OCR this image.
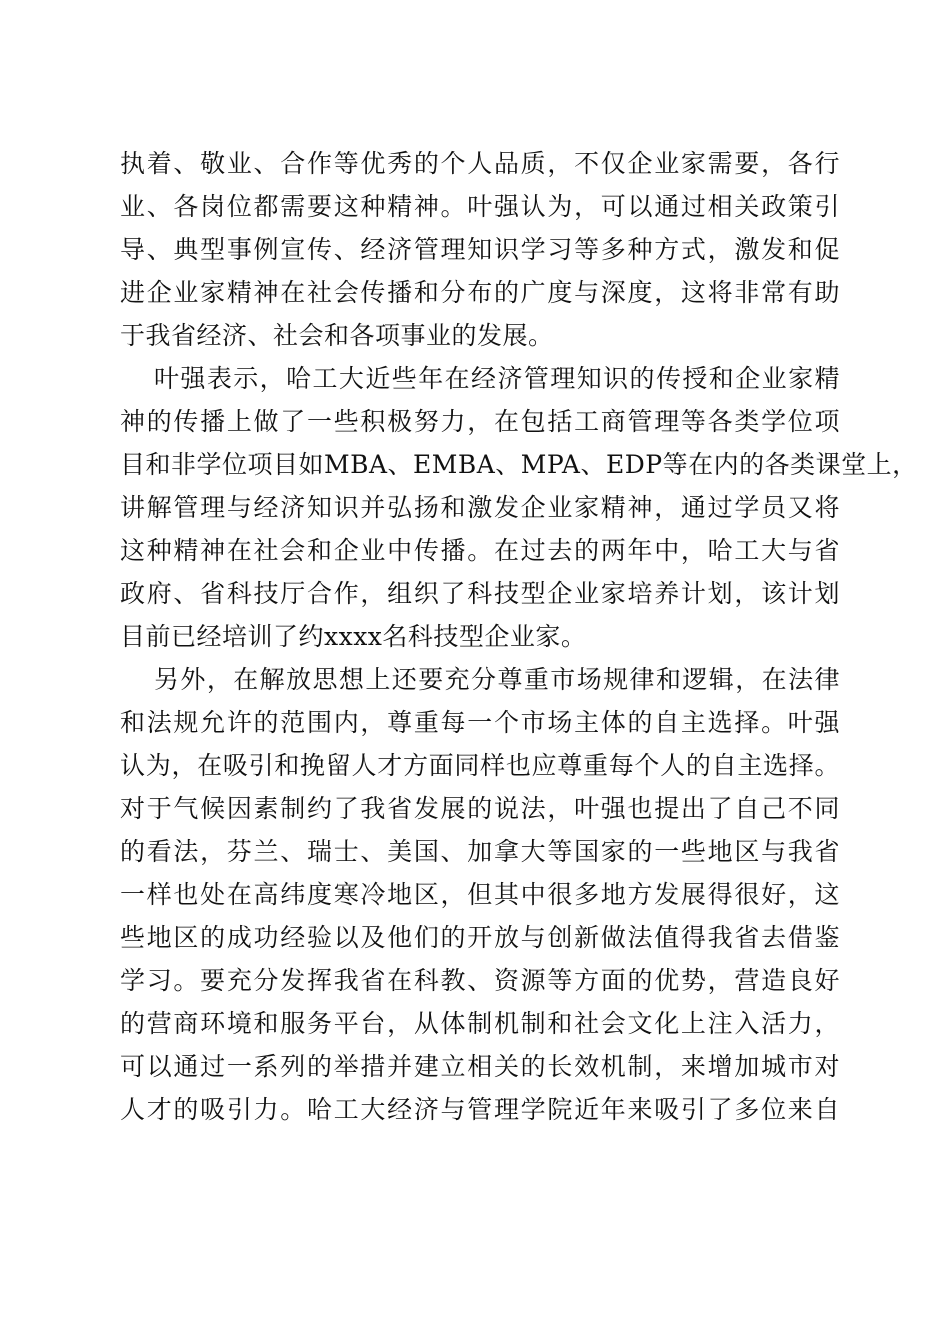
执着、敬业、合作等优秀的个人品质，不仅企业家需要，各行
业、各岗位都需要这种精神。叶强认为，可以通过相关政策引
导、典型事例宣传、经济管理知识学习等多种方式，激发和促
进企业家精神在社会传播和分布的广度与深度，这将非常有助
于我省经济、社会和各项事业的发展。
叶强表示，哈工大近些年在经济管理知识的传授和企业家精
神的传播上做了一些积极努力，在包括工商管理等各类学位项
目和非学位项目如MBA、EMBA、MPA、EDP等在内的各类课堂上，
讲解管理与经济知识并弘扬和激发企业家精神，通过学员又将
这种精神在社会和企业中传播。在过去的两年中，哈工大与省
政府、省科技厅合作，组织了科技型企业家培养计划，该计划
目前已经培训了约xxxx名科技型企业家。
另外，在解放思想上还要充分尊重市场规律和逻辑，在法律
和法规允许的范围内，尊重每一个市场主体的自主选择。叶强
认为，在吸引和挽留人才方面同样也应尊重每个人的自主选择。
对于气候因素制约了我省发展的说法，叶强也提出了自己不同
的看法，芬兰、瑞士、美国、加拿大等国家的一些地区与我省
一样也处在高纬度寒冷地区，但其中很多地方发展得很好，这
些地区的成功经验以及他们的开放与创新做法值得我省去借鉴
学习。要充分发挥我省在科教、资源等方面的优势，营造良好
的营商环境和服务平台，从体制机制和社会文化上注入活力，
可以通过一系列的举措并建立相关的长效机制，来增加城市对
人才的吸引力。哈工大经济与管理学院近年来吸引了多位来自
